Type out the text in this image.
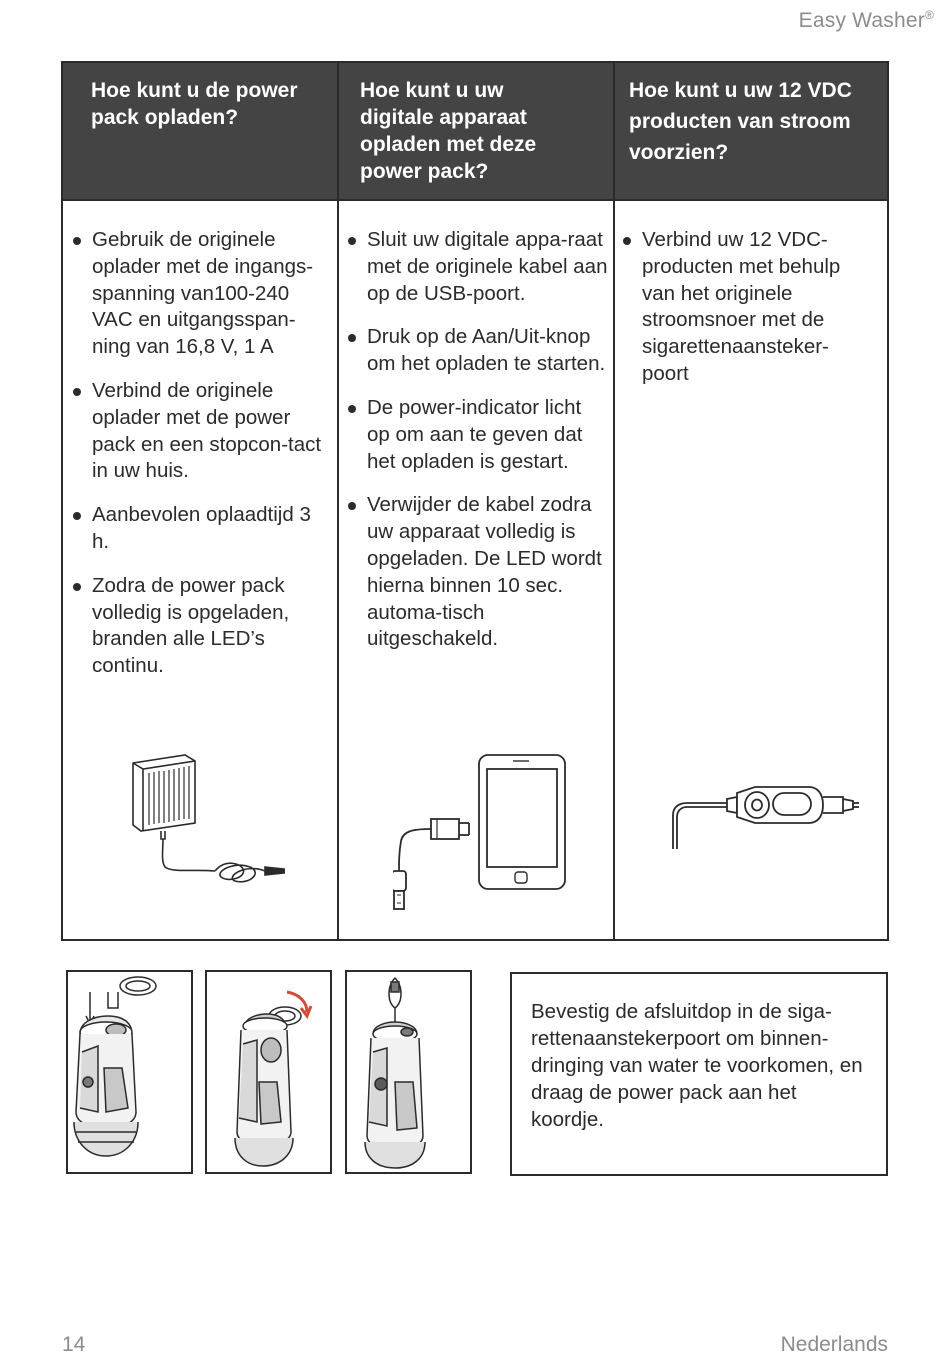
Easy Washer®
Hoe kunt u de power pack opladen?
Hoe kunt u uw digitale apparaat opladen met deze power pack?
Hoe kunt u uw 12 VDC producten van stroom voorzien?
Gebruik de originele oplader met de ingangs-spanning van100-240 VAC en uitgangsspan-ning van 16,8 V, 1 A
Verbind de originele oplader met de power pack en een stopcon-tact in uw huis.
Aanbevolen oplaadtijd 3 h.
Zodra de power pack volledig is opgeladen, branden alle LED’s continu.
Sluit uw digitale appa-raat met de originele kabel aan op de USB-poort.
Druk op de Aan/Uit-knop om het opladen te starten.
De power-indicator licht op om aan te geven dat het opladen is gestart.
Verwijder de kabel zodra uw apparaat volledig is opgeladen. De LED wordt hierna binnen 10 sec. automa-tisch uitgeschakeld.
Verbind uw 12 VDC-producten met behulp van het originele stroomsnoer met de sigarettenaansteker-poort
Bevestig de afsluitdop in de siga-rettenaanstekerpoort om binnen-dringing van water te voorkomen, en draag de power pack aan het koordje.
14	Nederlands
